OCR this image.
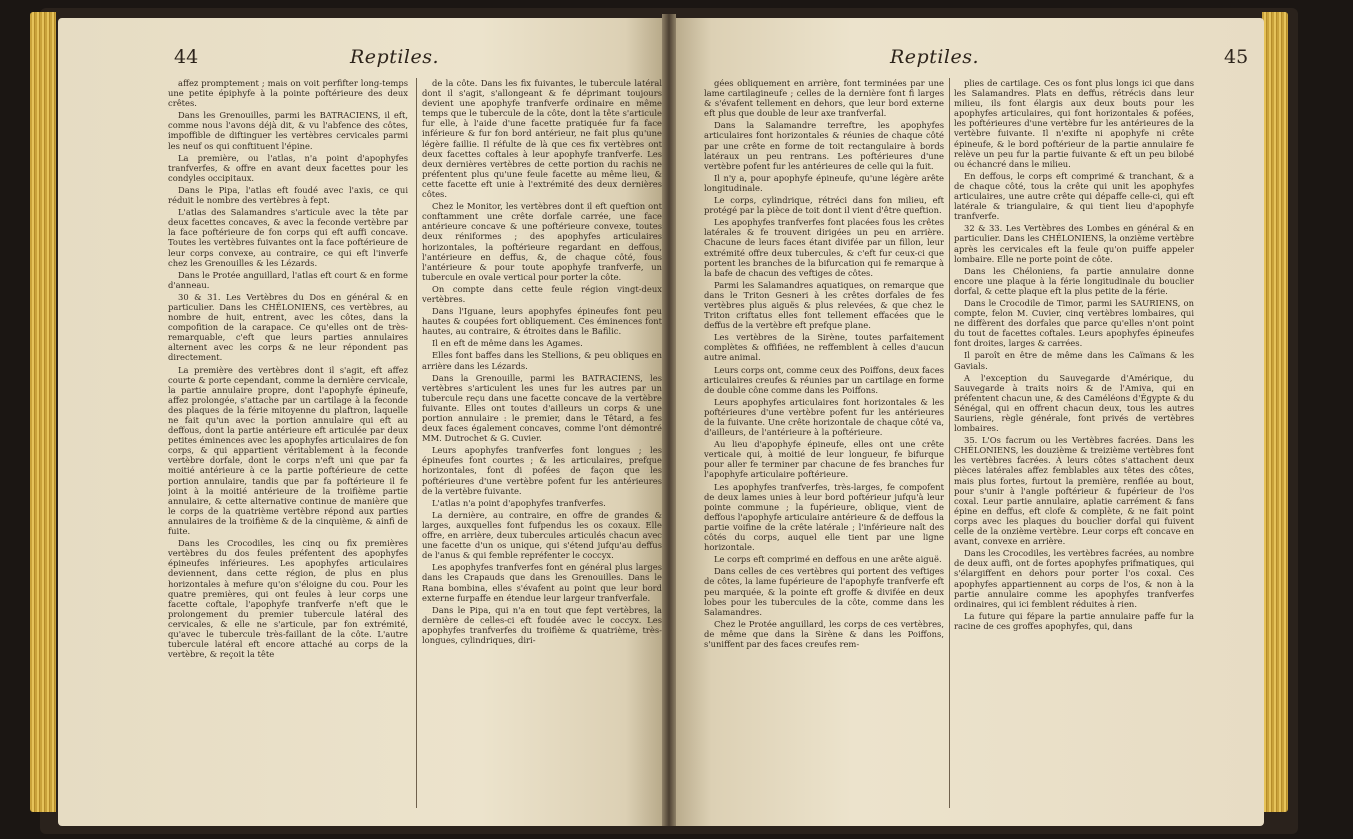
44	Reptiles.

affez promptement ; mais on voit perfifter long-temps une petite épiphyfe à la pointe poftérieure des deux crêtes.

Dans les Grenouilles, parmi les BATRACIENS, il eft, comme nous l'avons déjà dit, & vu l'abfence des côtes, impoffible de diftinguer les vertèbres cervicales parmi les neuf os qui conftituent l'épine.

La première, ou l'atlas, n'a point d'apophyfes tranfverfes, & offre en avant deux facettes pour les condyles occipitaux.

Dans le Pipa, l'atlas eft foudé avec l'axis, ce qui réduit le nombre des vertèbres à fept.

L'atlas des Salamandres s'articule avec la tête par deux facettes concaves, & avec la feconde vertèbre par la face poftérieure de fon corps qui eft auffi concave. Toutes les vertèbres fuivantes ont la face poftérieure de leur corps convexe, au contraire, ce qui eft l'inverfe chez les Grenouilles & les Lézards.

Dans le Protée anguillard, l'atlas eft court & en forme d'anneau.

30 & 31. Les Vertèbres du Dos en général & en particulier. Dans les CHÉLONIENS, ces vertèbres, au nombre de huit, entrent, avec les côtes, dans la compofition de la carapace. Ce qu'elles ont de très-remarquable, c'eft que leurs parties annulaires alternent avec les corps & ne leur répondent pas directement.

La première des vertèbres dont il s'agit, eft affez courte & porte cependant, comme la dernière cervicale, la partie annulaire propre, dont l'apophyfe épineufe, affez prolongée, s'attache par un cartilage à la feconde des plaques de la férie mitoyenne du plaftron, laquelle ne fait qu'un avec la portion annulaire qui eft au deffous, dont la partie antérieure eft articulée par deux petites éminences avec les apophyfes articulaires de fon corps, & qui appartient véritablement à la feconde vertèbre dorfale, dont le corps n'eft uni que par fa moitié antérieure à ce la partie poftérieure de cette portion annulaire, tandis que par fa poftérieure il fe joint à la moitié antérieure de la troifième partie annulaire, & cette alternative continue de manière que le corps de la quatrième vertèbre répond aux parties annulaires de la troifième & de la cinquième, & ainfi de fuite.

Dans les Crocodiles, les cinq ou fix premières vertèbres du dos feules préfentent des apophyfes épineufes inférieures. Les apophyfes articulaires deviennent, dans cette région, de plus en plus horizontales à mefure qu'on s'éloigne du cou. Pour les quatre premières, qui ont feules à leur corps une facette coftale, l'apophyfe tranfverfe n'eft que le prolongement du premier tubercule latéral des cervicales, & elle ne s'articule, par fon extrémité, qu'avec le tubercule très-faillant de la côte. L'autre tubercule latéral eft encore attaché au corps de la vertèbre, & reçoit la tête

de la côte. Dans les fix fuivantes, le tubercule latéral dont il s'agit, s'allongeant & fe déprimant toujours devient une apophyfe tranfverfe ordinaire en même temps que le tubercule de la côte, dont la tête s'articule fur elle, à l'aide d'une facette pratiquée fur fa face inférieure & fur fon bord antérieur, ne fait plus qu'une légère faillie. Il réfulte de là que ces fix vertèbres ont deux facettes coftales à leur apophyfe tranfverfe. Les deux dernières vertèbres de cette portion du rachis ne préfentent plus qu'une feule facette au même lieu, & cette facette eft unie à l'extrémité des deux dernières côtes.

Chez le Monitor, les vertèbres dont il eft queftion ont conftamment une crête dorfale carrée, une face antérieure concave & une poftérieure convexe, toutes deux réniformes ; des apophyfes articulaires horizontales, la poftérieure regardant en deffous, l'antérieure en deffus, &, de chaque côté, fous l'antérieure & pour toute apophyfe tranfverfe, un tubercule en ovale vertical pour porter la côte.

On compte dans cette feule région vingt-deux vertèbres.

Dans l'Iguane, leurs apophyfes épineufes font peu hautes & coupées fort obliquement. Ces éminences font hautes, au contraire, & étroites dans le Bafilic.

Il en eft de même dans les Agames.

Elles font baffes dans les Stellions, & peu obliques en arrière dans les Lézards.

Dans la Grenouille, parmi les BATRACIENS, les vertèbres s'articulent les unes fur les autres par un tubercule reçu dans une facette concave de la vertèbre fuivante. Elles ont toutes d'ailleurs un corps & une portion annulaire : le premier, dans le Têtard, a fes deux faces également concaves, comme l'ont démontré MM. Dutrochet & G. Cuvier.

Leurs apophyfes tranfverfes font longues ; les épineufes font courtes ; & les articulaires, prefque horizontales, font di pofées de façon que les poftérieures d'une vertèbre pofent fur les antérieures de la vertèbre fuivante.

L'atlas n'a point d'apophyfes tranfverfes.

La dernière, au contraire, en offre de grandes & larges, auxquelles font fufpendus les os coxaux. Elle offre, en arrière, deux tubercules articulés chacun avec une facette d'un os unique, qui s'étend jufqu'au deffus de l'anus & qui femble repréfenter le coccyx.

Les apophyfes tranfverfes font en général plus larges dans les Crapauds que dans les Grenouilles. Dans le Rana bombina, elles s'évafent au point que leur bord externe furpaffe en étendue leur largeur tranfverfale.

Dans le Pipa, qui n'a en tout que fept vertèbres, la dernière de celles-ci eft foudée avec le coccyx. Les apophyfes tranfverfes du troifième & quatrième, très-longues, cylindriques, diri-

Reptiles.	45

gées obliquement en arrière, font terminées par une lame cartilagineufe ; celles de la dernière font fi larges & s'évafent tellement en dehors, que leur bord externe eft plus que double de leur axe tranfverfal.

Dans la Salamandre terreftre, les apophyfes articulaires font horizontales & réunies de chaque côté par une crête en forme de toit rectangulaire à bords latéraux un peu rentrans. Les poftérieures d'une vertèbre pofent fur les antérieures de celle qui la fuit.

Il n'y a, pour apophyfe épineufe, qu'une légère arête longitudinale.

Le corps, cylindrique, rétréci dans fon milieu, eft protégé par la pièce de toit dont il vient d'être queftion.

Les apophyfes tranfverfes font placées fous les crêtes latérales & fe trouvent dirigées un peu en arrière. Chacune de leurs faces étant divifée par un fillon, leur extrémité offre deux tubercules, & c'eft fur ceux-ci que portent les branches de la bifurcation qui fe remarque à la bafe de chacun des veftiges de côtes.

Parmi les Salamandres aquatiques, on remarque que dans le Triton Gesneri à les crêtes dorfales de fes vertèbres plus aiguës & plus relevées, & que chez le Triton criftatus elles font tellement effacées que le deffus de la vertèbre eft prefque plane.

Les vertèbres de la Sirène, toutes parfaitement complètes & offifiées, ne reffemblent à celles d'aucun autre animal.

Leurs corps ont, comme ceux des Poiffons, deux faces articulaires creufes & réunies par un cartilage en forme de double cône comme dans les Poiffons.

Leurs apophyfes articulaires font horizontales & les poftérieures d'une vertèbre pofent fur les antérieures de la fuivante. Une crête horizontale de chaque côté va, d'ailleurs, de l'antérieure à la poftérieure.

Au lieu d'apophyfe épineufe, elles ont une crête verticale qui, à moitié de leur longueur, fe bifurque pour aller fe terminer par chacune de fes branches fur l'apophyfe articulaire poftérieure.

Les apophyfes tranfverfes, très-larges, fe compofent de deux lames unies à leur bord poftérieur jufqu'à leur pointe commune ; la fupérieure, oblique, vient de deffous l'apophyfe articulaire antérieure & de deffous la partie voifine de la crête latérale ; l'inférieure naît des côtés du corps, auquel elle tient par une ligne horizontale.

Le corps eft comprimé en deffous en une arête aiguë.

Dans celles de ces vertèbres qui portent des veftiges de côtes, la lame fupérieure de l'apophyfe tranfverfe eft peu marquée, & la pointe eft groffe & divifée en deux lobes pour les tubercules de la côte, comme dans les Salamandres.

Chez le Protée anguillard, les corps de ces vertèbres, de même que dans la Sirène & dans les Poiffons, s'uniffent par des faces creufes rem-

plies de cartilage. Ces os font plus longs ici que dans les Salamandres. Plats en deffus, rétrécis dans leur milieu, ils font élargis aux deux bouts pour les apophyfes articulaires, qui font horizontales & pofées, les poftérieures d'une vertèbre fur les antérieures de la vertèbre fuivante. Il n'exifte ni apophyfe ni crête épineufe, & le bord poftérieur de la partie annulaire fe relève un peu fur la partie fuivante & eft un peu bilobé ou échancré dans le milieu.

En deffous, le corps eft comprimé & tranchant, & a de chaque côté, tous la crête qui unit les apophyfes articulaires, une autre crête qui dépaffe celle-ci, qui eft latérale & triangulaire, & qui tient lieu d'apophyfe tranfverfe.

32 & 33. Les Vertèbres des Lombes en général & en particulier. Dans les CHÉLONIENS, la onzième vertèbre après les cervicales eft la feule qu'on puiffe appeler lombaire. Elle ne porte point de côte.

Dans les Chéloniens, fa partie annulaire donne encore une plaque à la férie longitudinale du bouclier dorfal, & cette plaque eft la plus petite de la férie.

Dans le Crocodile de Timor, parmi les SAURIENS, on compte, felon M. Cuvier, cinq vertèbres lombaires, qui ne diffèrent des dorfales que parce qu'elles n'ont point du tout de facettes coftales. Leurs apophyfes épineufes font droites, larges & carrées.

Il paroît en être de même dans les Caïmans & les Gavials.

A l'exception du Sauvegarde d'Amérique, du Sauvegarde à traits noirs & de l'Amiva, qui en préfentent chacun une, & des Caméléons d'Égypte & du Sénégal, qui en offrent chacun deux, tous les autres Sauriens, règle générale, font privés de vertèbres lombaires.

35. L'Os facrum ou les Vertèbres facrées. Dans les CHÉLONIENS, les douzième & treizième vertèbres font les vertèbres facrées. À leurs côtes s'attachent deux pièces latérales affez femblables aux têtes des côtes, mais plus fortes, furtout la première, renflée au bout, pour s'unir à l'angle poftérieur & fupérieur de l'os coxal. Leur partie annulaire, aplatie carrément & fans épine en deffus, eft clofe & complète, & ne fait point corps avec les plaques du bouclier dorfal qui fuivent celle de la onzième vertèbre. Leur corps eft concave en avant, convexe en arrière.

Dans les Crocodiles, les vertèbres facrées, au nombre de deux auffi, ont de fortes apophyfes prifmatiques, qui s'élargiffent en dehors pour porter l'os coxal. Ces apophyfes appartiennent au corps de l'os, & non à la partie annulaire comme les apophyfes tranfverfes ordinaires, qui ici femblent réduites à rien.

La future qui fépare la partie annulaire paffe fur la racine de ces groffes apophyfes, qui, dans
